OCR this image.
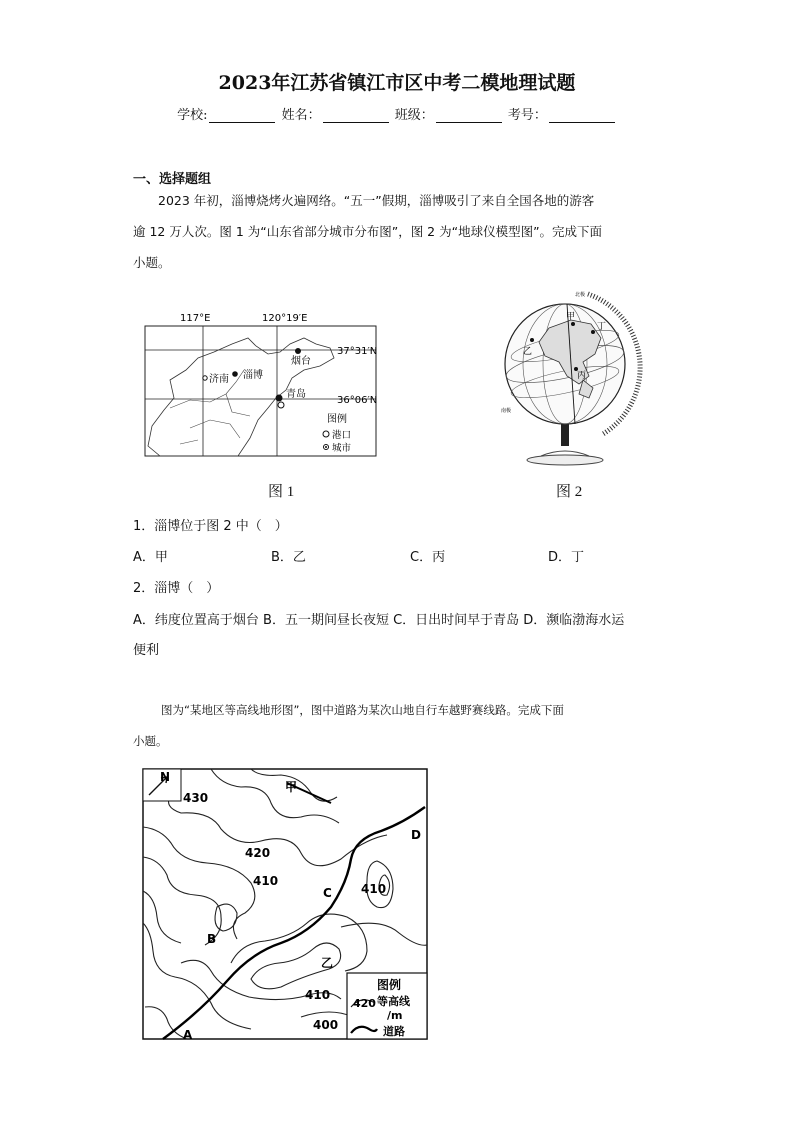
2023年江苏省镇江市区中考二模地理试题
学校:	姓名：	班级：	考号：
一、选择题组
2023 年初，淄博烧烤火遍网络。“五一”假期，淄博吸引了来自全国各地的游客
逾 12 万人次。图 1 为“山东省部分城市分布图”，图 2 为“地球仪模型图”。完成下面
小题。
117°E	120°19′E
37°31′N
36°06′N
济南 淄博
烟台
青岛
图例
港口
城市
甲
乙
丙
丁
北极
南极
图 1	图 2
1．淄博位于图 2 中（　）
A．甲	B．乙	C．丙	D．丁
2．淄博（　）
A．纬度位置高于烟台 B．五一期间昼长夜短 C．日出时间早于青岛 D．濒临渤海水运
便利
图为“某地区等高线地形图”，图中道路为某次山地自行车越野赛线路。完成下面
小题。
N
430
420
410
410
410
400
甲
乙
A
B
C
D
图例
420 等高线
/m
道路
